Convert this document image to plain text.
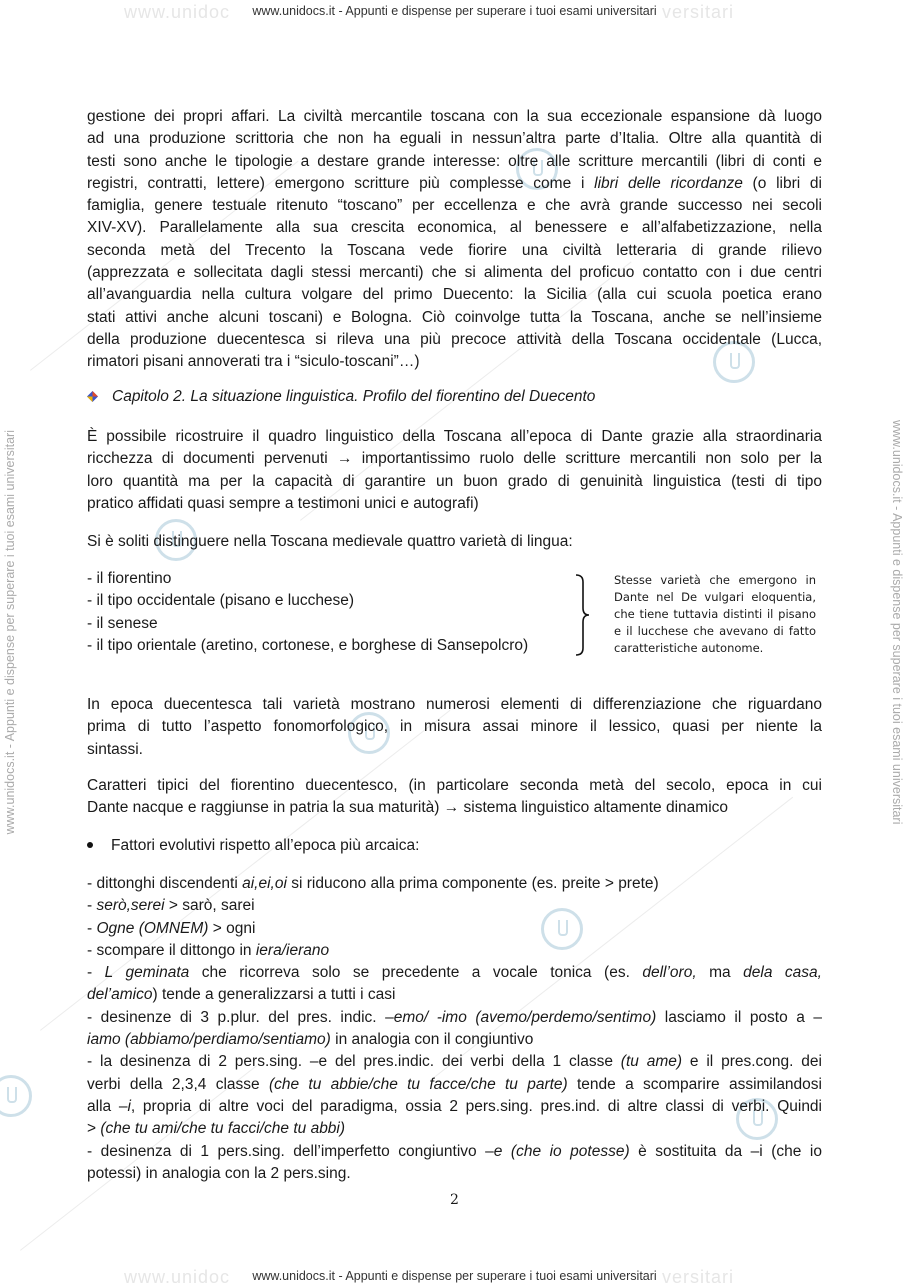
www.unidoc www.unidocs.it - Appunti e dispense per superare i tuoi esami universitari versitari
www.unidocs.it - Appunti e dispense per superare i tuoi esami universitari	www.unidocs.it - Appunti e dispense per superare i tuoi esami universitari
gestione dei propri affari. La civiltà mercantile toscana con la sua eccezionale espansione dà luogo
ad una produzione scrittoria che non ha eguali in nessun’altra parte d’Italia. Oltre alla quantità di
testi sono anche le tipologie a destare grande interesse: oltre alle scritture mercantili (libri di conti e
registri, contratti, lettere) emergono scritture più complesse come i libri delle ricordanze (o libri di
famiglia, genere testuale ritenuto “toscano” per eccellenza e che avrà grande successo nei secoli
XIV-XV). Parallelamente alla sua crescita economica, al benessere e all’alfabetizzazione, nella
seconda metà del Trecento la Toscana vede fiorire una civiltà letteraria di grande rilievo
(apprezzata e sollecitata dagli stessi mercanti) che si alimenta del proficuo contatto con i due centri
all’avanguardia nella cultura volgare del primo Duecento: la Sicilia (alla cui scuola poetica erano
stati attivi anche alcuni toscani) e Bologna. Ciò coinvolge tutta la Toscana, anche se nell’insieme
della produzione duecentesca si rileva una più precoce attività della Toscana occidentale (Lucca,
rimatori pisani annoverati tra i “siculo-toscani”…)
Capitolo 2. La situazione linguistica. Profilo del fiorentino del Duecento
È possibile ricostruire il quadro linguistico della Toscana all’epoca di Dante grazie alla straordinaria
ricchezza di documenti pervenuti → importantissimo ruolo delle scritture mercantili non solo per la
loro quantità ma per la capacità di garantire un buon grado di genuinità linguistica (testi di tipo
pratico affidati quasi sempre a testimoni unici e autografi)
Si è soliti distinguere nella Toscana medievale quattro varietà di lingua:
- il fiorentino
- il tipo occidentale (pisano e lucchese)
- il senese
- il tipo orientale (aretino, cortonese, e borghese di Sansepolcro)
Stesse varietà che emergono in Dante nel De vulgari eloquentia, che tiene tuttavia distinti il pisano e il lucchese che avevano di fatto caratteristiche autonome.
In epoca duecentesca tali varietà mostrano numerosi elementi di differenziazione che riguardano
prima di tutto l’aspetto fonomorfologico, in misura assai minore il lessico, quasi per niente la
sintassi.
Caratteri tipici del fiorentino duecentesco, (in particolare seconda metà del secolo, epoca in cui
Dante nacque e raggiunse in patria la sua maturità) → sistema linguistico altamente dinamico
Fattori evolutivi rispetto all’epoca più arcaica:
- dittonghi discendenti ai,ei,oi si riducono alla prima componente (es. preite > prete)
- serò,serei > sarò, sarei
- Ogne (OMNEM) > ogni
- scompare il dittongo in iera/ierano
- L geminata che ricorreva solo se precedente a vocale tonica (es. dell’oro, ma dela casa,
del’amico) tende a generalizzarsi a tutti i casi
- desinenze di 3 p.plur. del pres. indic. –emo/ -imo (avemo/perdemo/sentimo) lasciamo il posto a –
iamo (abbiamo/perdiamo/sentiamo) in analogia con il congiuntivo
- la desinenza di 2 pers.sing. –e del pres.indic. dei verbi della 1 classe (tu ame) e il pres.cong. dei
verbi della 2,3,4 classe (che tu abbie/che tu facce/che tu parte) tende a scomparire assimilandosi
alla –i, propria di altre voci del paradigma, ossia 2 pers.sing. pres.ind. di altre classi di verbi. Quindi
> (che tu ami/che tu facci/che tu abbi)
- desinenza di 1 pers.sing. dell’imperfetto congiuntivo –e (che io potesse) è sostituita da –i (che io
potessi) in analogia con la 2 pers.sing.
2
www.unidoc www.unidocs.it - Appunti e dispense per superare i tuoi esami universitari versitari
